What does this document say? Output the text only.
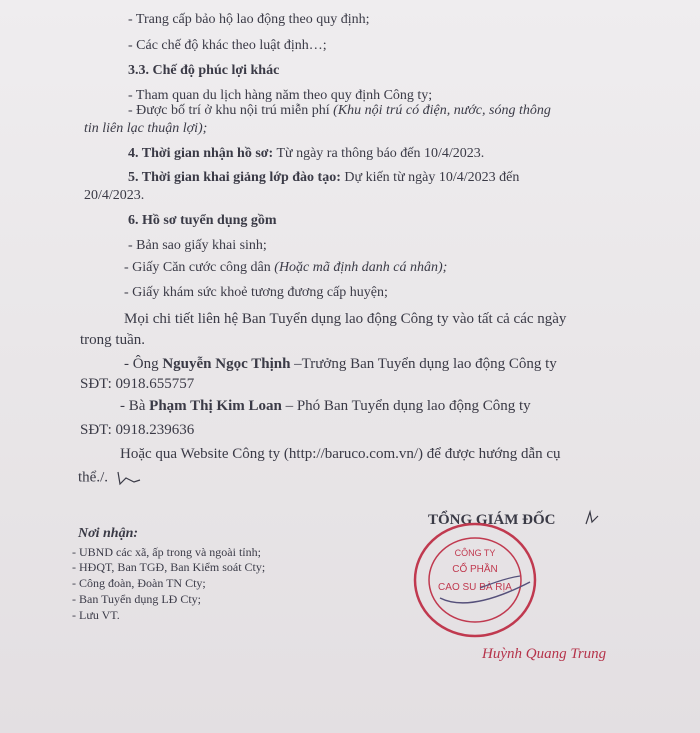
- Trang cấp bảo hộ lao động theo quy định;
- Các chế độ khác theo luật định…;
3.3. Chế độ phúc lợi khác
- Tham quan du lịch hàng năm theo quy định Công ty;
- Được bố trí ở khu nội trú miễn phí (Khu nội trú có điện, nước, sóng thông
tin liên lạc thuận lợi);
4. Thời gian nhận hồ sơ: Từ ngày ra thông báo đến 10/4/2023.
5. Thời gian khai giảng lớp đào tạo: Dự kiến từ ngày 10/4/2023 đến
20/4/2023.
6. Hồ sơ tuyển dụng gồm
- Bản sao giấy khai sinh;
- Giấy Căn cước công dân (Hoặc mã định danh cá nhân);
- Giấy khám sức khoẻ tương đương cấp huyện;
Mọi chi tiết liên hệ Ban Tuyển dụng lao động Công ty vào tất cả các ngày
trong tuần.
- Ông Nguyễn Ngọc Thịnh –Trưởng Ban Tuyển dụng lao động Công ty
SĐT: 0918.655757
- Bà Phạm Thị Kim Loan – Phó Ban Tuyển dụng lao động Công ty
SĐT: 0918.239636
Hoặc qua Website Công ty (http://baruco.com.vn/) để được hướng dẫn cụ
thể./.
Nơi nhận:
- UBND các xã, ấp trong và ngoài tỉnh;
- HĐQT, Ban TGĐ, Ban Kiểm soát Cty;
- Công đoàn, Đoàn TN Cty;
- Ban Tuyển dụng LĐ Cty;
- Lưu VT.
TỔNG GIÁM ĐỐC
CÔNG TY
CỔ PHẦN
CAO SU BÀ RỊA
Huỳnh Quang Trung
